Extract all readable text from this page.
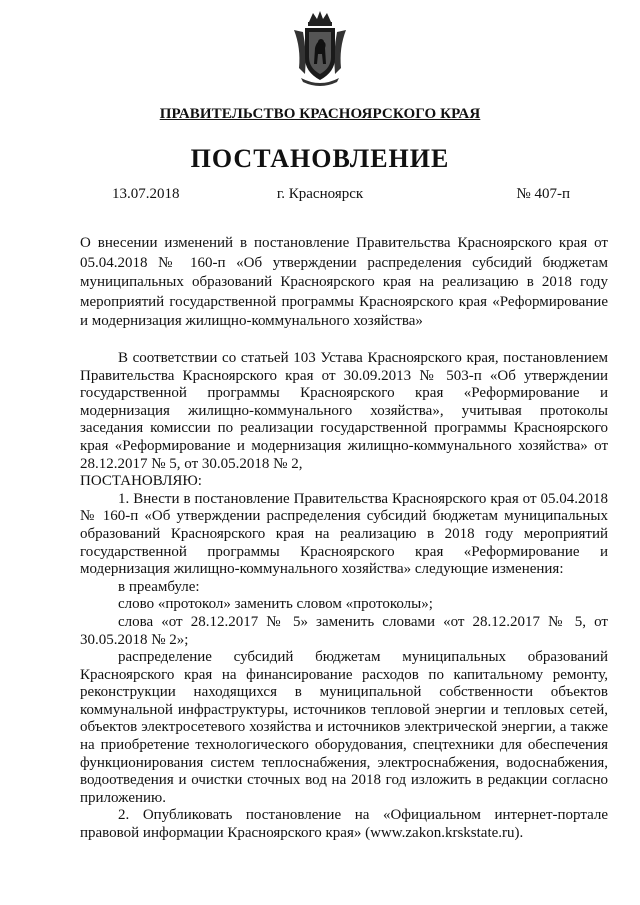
ПРАВИТЕЛЬСТВО КРАСНОЯРСКОГО КРАЯ
ПОСТАНОВЛЕНИЕ
13.07.2018	г. Красноярск	№ 407-п
О внесении изменений в постановление Правительства Красноярского края от 05.04.2018 № 160-п «Об утверждении распределения субсидий бюджетам муниципальных образований Красноярского края на реализацию в 2018 году мероприятий государственной программы Красноярского края «Реформирование и модернизация жилищно-коммунального хозяйства»

В соответствии со статьей 103 Устава Красноярского края, постановлением Правительства Красноярского края от 30.09.2013 № 503-п «Об утверждении государственной программы Красноярского края «Реформирование и модернизация жилищно-коммунального хозяйства», учитывая протоколы заседания комиссии по реализации государственной программы Красноярского края «Реформирование и модернизация жилищно-коммунального хозяйства» от 28.12.2017 № 5, от 30.05.2018 № 2,

ПОСТАНОВЛЯЮ:

1. Внести в постановление Правительства Красноярского края от 05.04.2018 № 160-п «Об утверждении распределения субсидий бюджетам муниципальных образований Красноярского края на реализацию в 2018 году мероприятий государственной программы Красноярского края «Реформирование и модернизация жилищно-коммунального хозяйства» следующие изменения:

в преамбуле:

слово «протокол» заменить словом «протоколы»;

слова «от 28.12.2017 № 5» заменить словами «от 28.12.2017 № 5, от 30.05.2018 № 2»;

распределение субсидий бюджетам муниципальных образований Красноярского края на финансирование расходов по капитальному ремонту, реконструкции находящихся в муниципальной собственности объектов коммунальной инфраструктуры, источников тепловой энергии и тепловых сетей, объектов электросетевого хозяйства и источников электрической энергии, а также на приобретение технологического оборудования, спецтехники для обеспечения функционирования систем теплоснабжения, электроснабжения, водоснабжения, водоотведения и очистки сточных вод на 2018 год изложить в редакции согласно приложению.

2. Опубликовать постановление на «Официальном интернет-портале правовой информации Красноярского края» (www.zakon.krskstate.ru).
